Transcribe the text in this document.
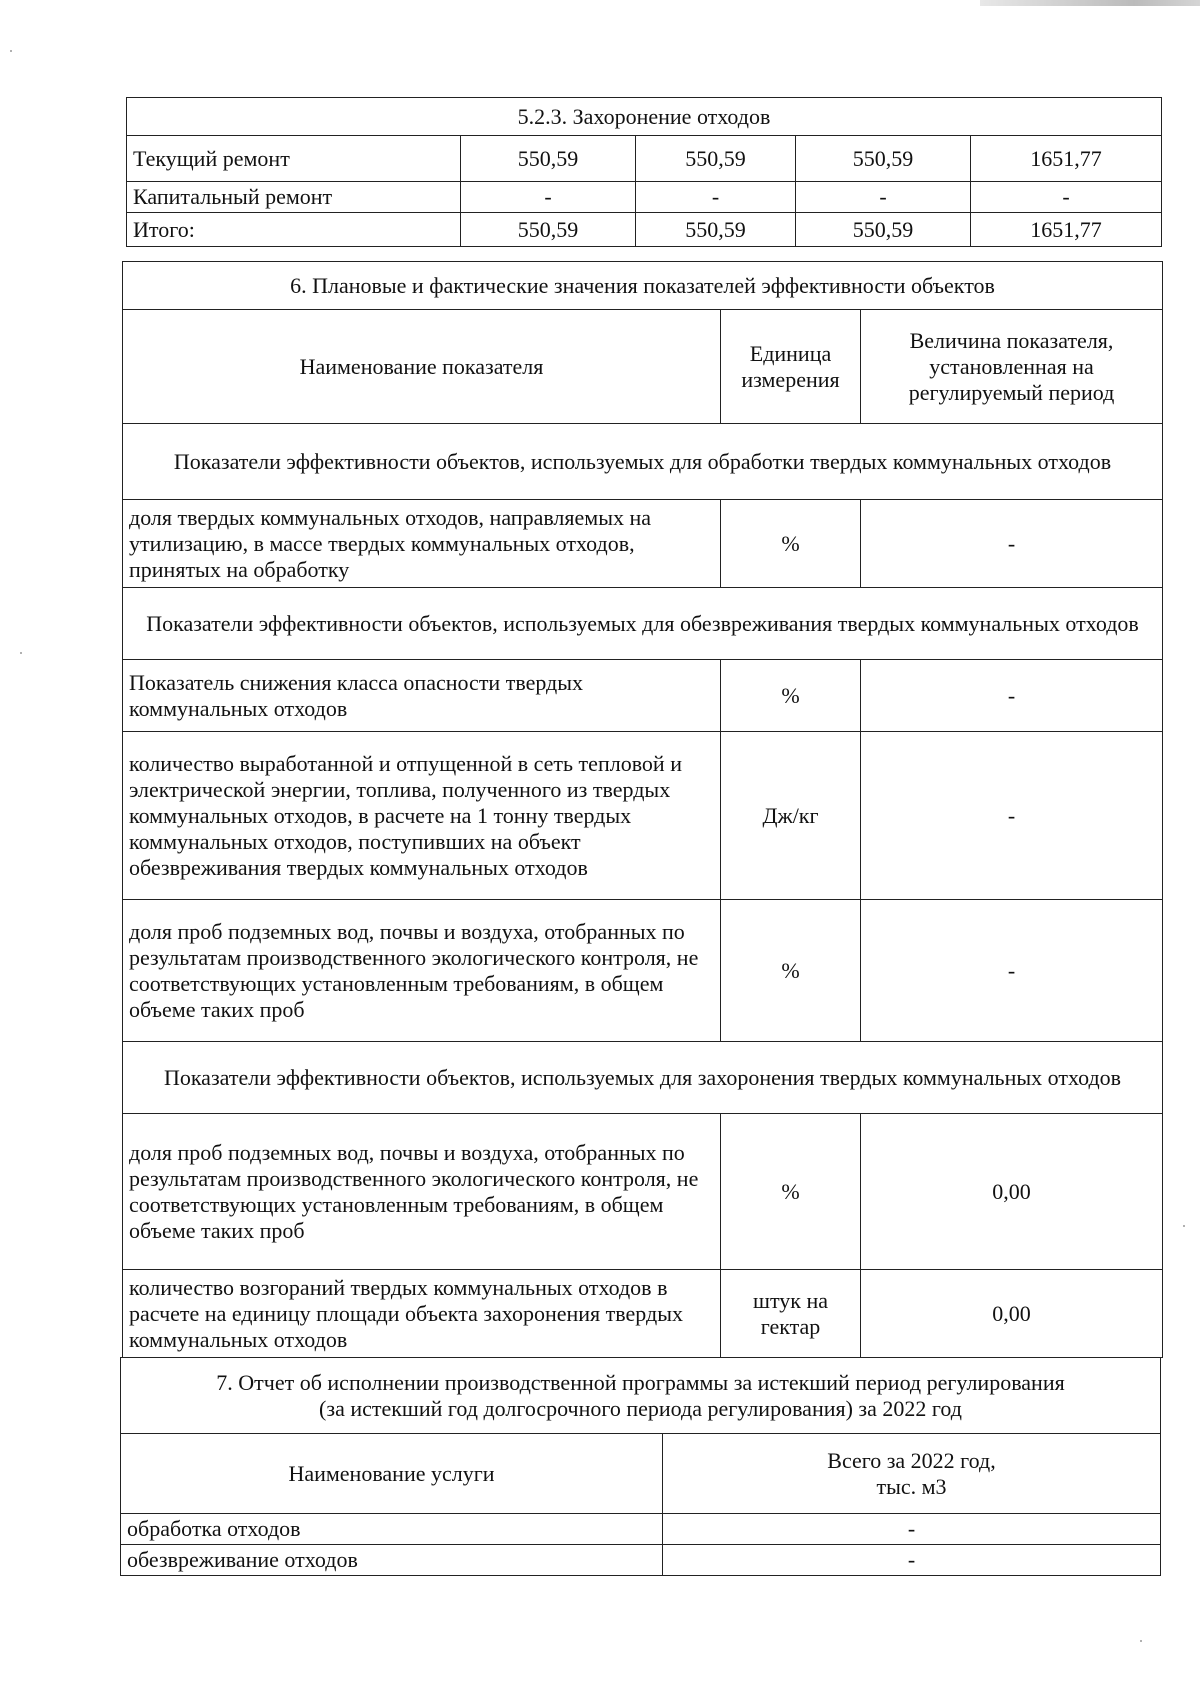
5.2.3. Захоронение отходов				
Текущий ремонт	550,59	550,59	550,59	1651,77
Капитальный ремонт	-	-	-	-
Итого:	550,59	550,59	550,59	1651,77
6. Плановые и фактические значения показателей эффективности объектов		
Наименование показателя	Единица измерения	Величина показателя, установленная на регулируемый период
Показатели эффективности объектов, используемых для обработки твердых коммунальных отходов		
доля твердых коммунальных отходов, направляемых на утилизацию, в массе твердых коммунальных отходов, принятых на обработку	%	-
Показатели эффективности объектов, используемых для обезвреживания твердых коммунальных отходов		
Показатель снижения класса опасности твердых коммунальных отходов	%	-
количество выработанной и отпущенной в сеть тепловой и электрической энергии, топлива, полученного из твердых коммунальных отходов, в расчете на 1 тонну твердых коммунальных отходов, поступивших на объект обезвреживания твердых коммунальных отходов	Дж/кг	-
доля проб подземных вод, почвы и воздуха, отобранных по результатам производственного экологического контроля, не соответствующих установленным требованиям, в общем объеме таких проб	%	-
Показатели эффективности объектов, используемых для захоронения твердых коммунальных отходов		
доля проб подземных вод, почвы и воздуха, отобранных по результатам производственного экологического контроля, не соответствующих установленным требованиям, в общем объеме таких проб	%	0,00
количество возгораний твердых коммунальных отходов в расчете на единицу площади объекта захоронения твердых коммунальных отходов	штук на гектар	0,00
7. Отчет об исполнении производственной программы за истекший период регулирования
(за истекший год долгосрочного периода регулирования) за 2022 год	

Наименование услуги	Всего за 2022 год,
тыс. м3

обработка отходов	-
обезвреживание отходов	-
